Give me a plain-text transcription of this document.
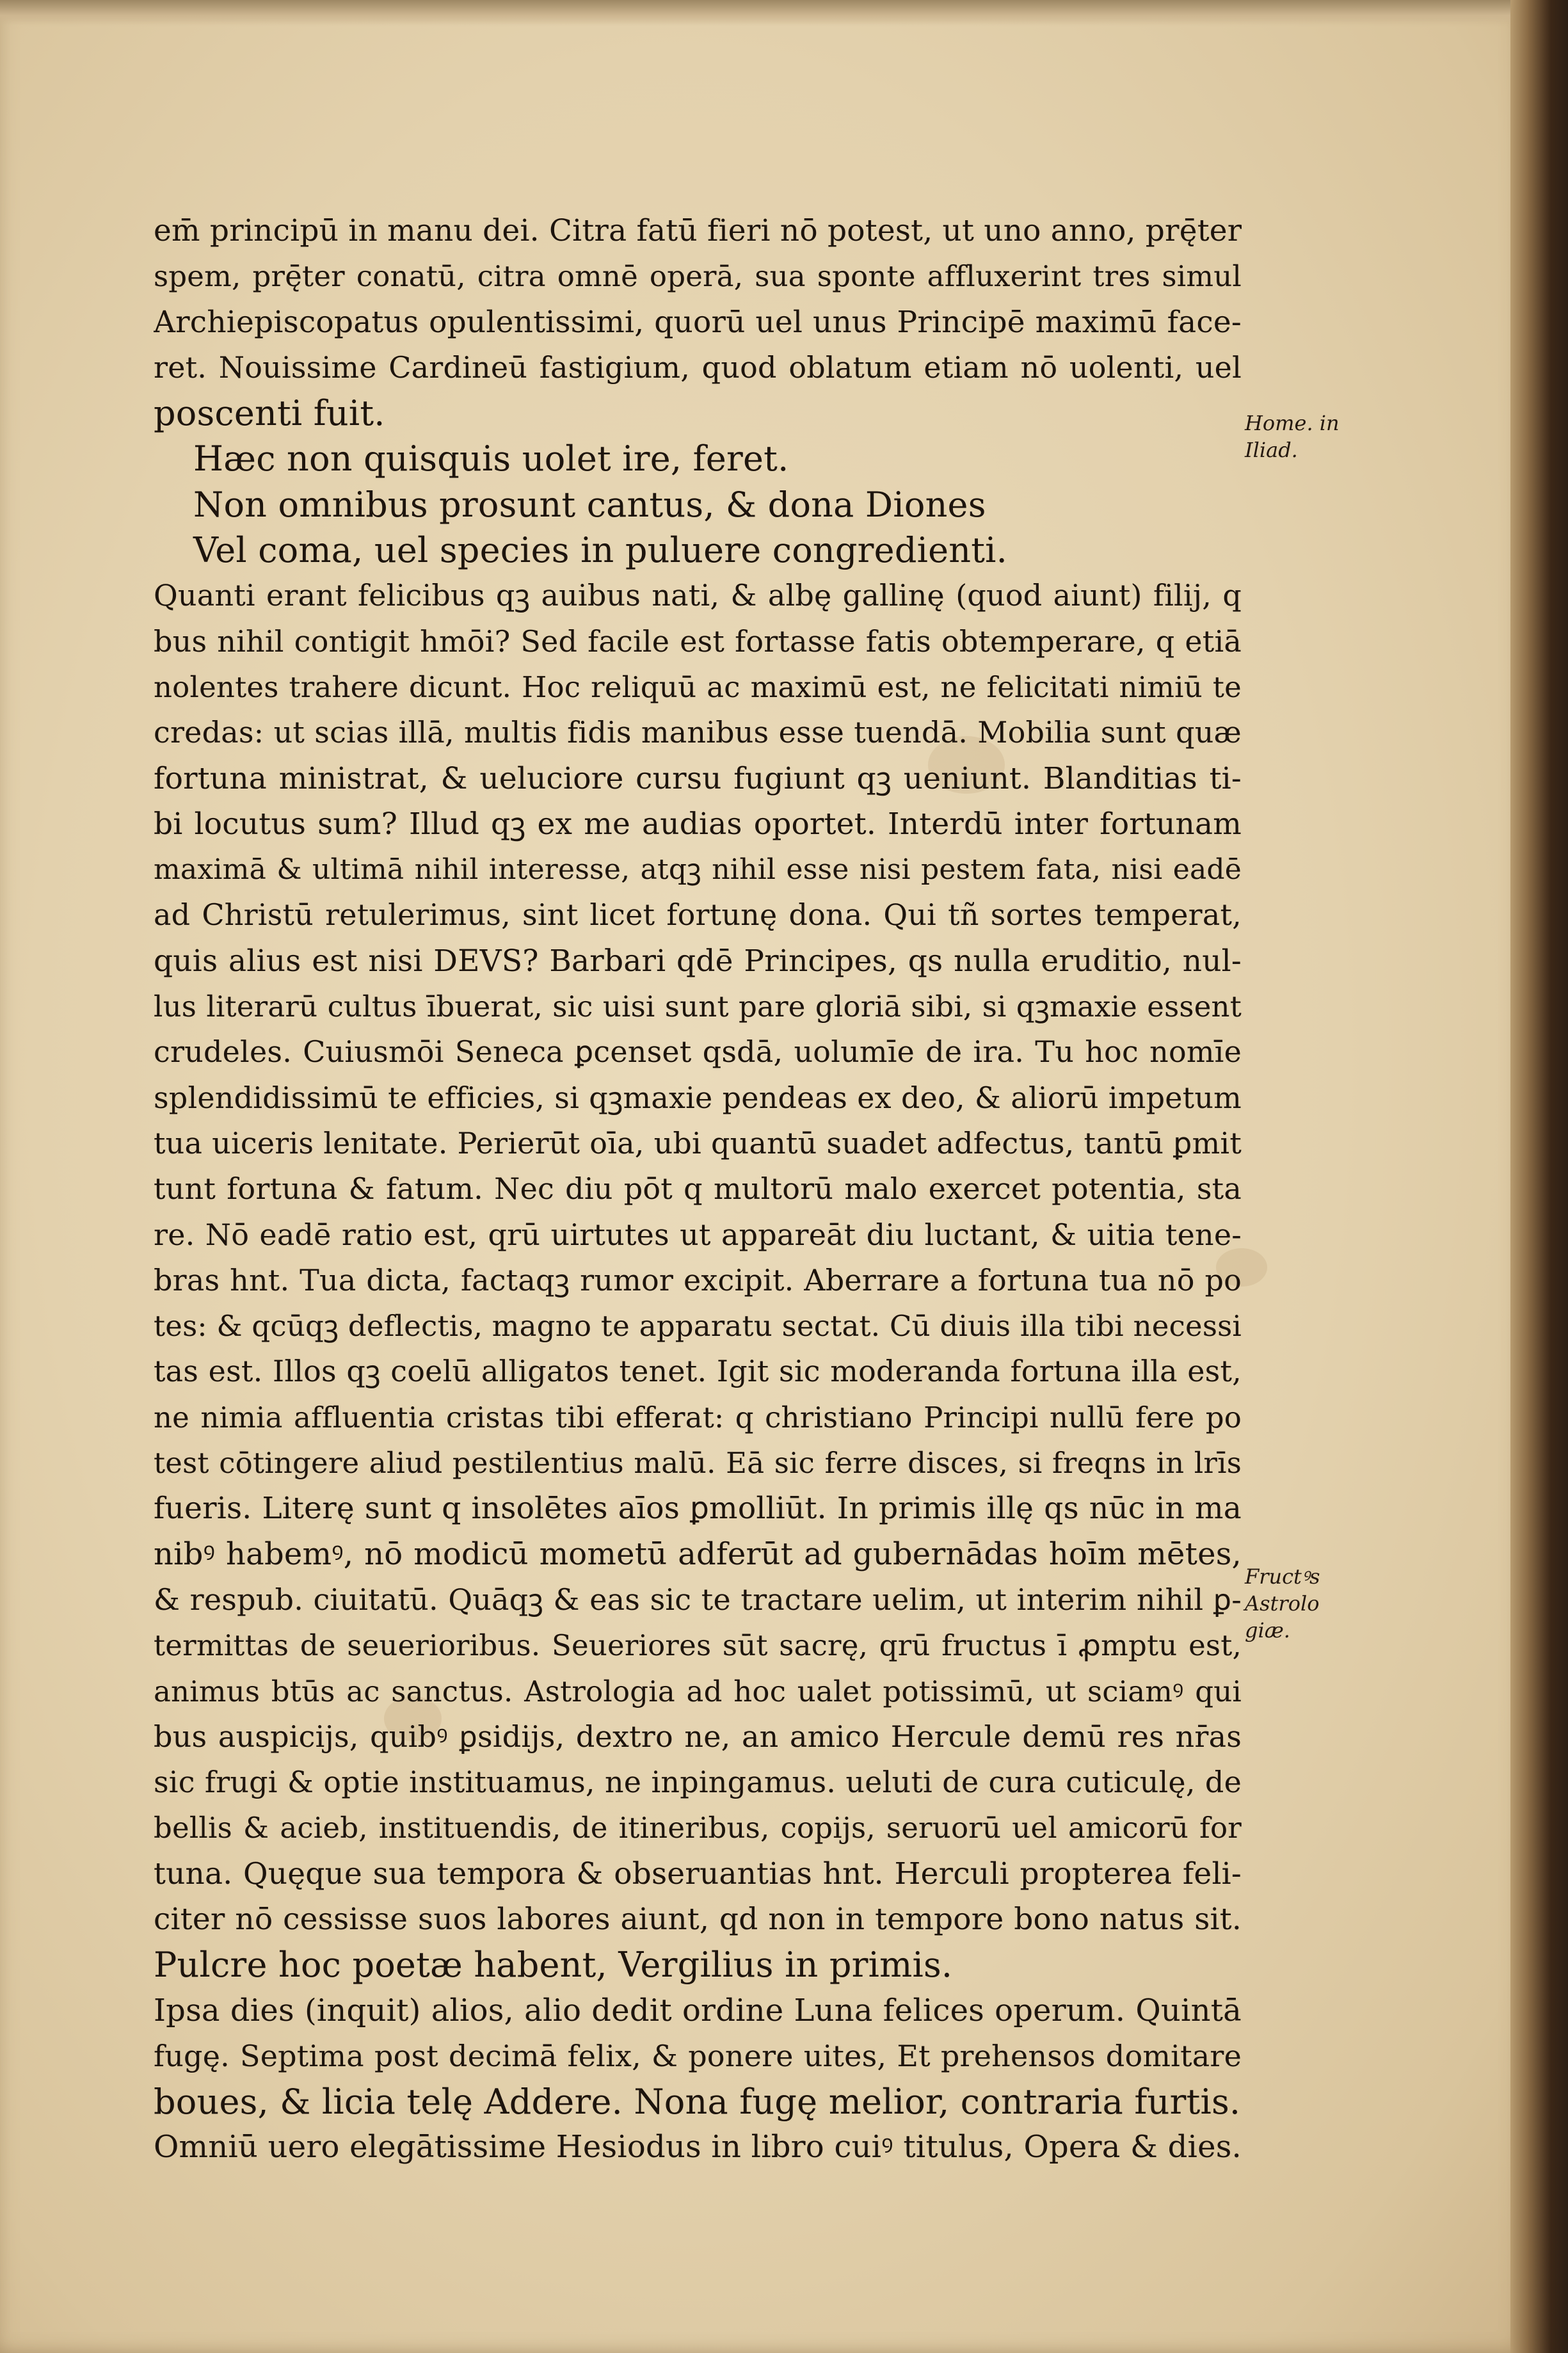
em̄ principū in manu dei. Citra fatū fieri nō potest, ut uno anno, prę̄ter
spem, prę̄ter conatū, citra omnē operā, sua sponte affluxerint tres simul
Archiepiscopatus opulentissimi, quorū uel unus Principē maximū face-
ret. Nouissime Cardineū fastigium, quod oblatum etiam nō uolenti, uel
poscenti fuit.
Hæc non quisquis uolet ire, feret.
Non omnibus prosunt cantus, & dona Diones
Vel coma, uel species in puluere congredienti.
Quanti erant felicibus qꝫ auibus nati, & albę gallinę (quod aiunt) filij, q
bus nihil contigit hmōi? Sed facile est fortasse fatis obtemperare, q etiā
nolentes trahere dicunt. Hoc reliquū ac maximū est, ne felicitati nimiū te
credas: ut scias illā, multis fidis manibus esse tuendā. Mobilia sunt quæ
fortuna ministrat, & ueluciore cursu fugiunt qꝫ ueniunt. Blanditias ti-
bi locutus sum? Illud qꝫ ex me audias oportet. Interdū inter fortunam
maximā & ultimā nihil interesse, atqꝫ nihil esse nisi pestem fata, nisi eadē
ad Christū retulerimus, sint licet fortunę dona. Qui tñ sortes temperat,
quis alius est nisi DEVS? Barbari qdē Principes, qs nulla eruditio, nul-
lus literarū cultus ībuerat, sic uisi sunt pare gloriā sibi, si qꝫmaxie essent
crudeles. Cuiusmōi Seneca ꝑcenset qsdā, uolumīe de ira. Tu hoc nomīe
splendidissimū te efficies, si qꝫmaxie pendeas ex deo, & aliorū impetum
tua uiceris lenitate. Perierūt oīa, ubi quantū suadet adfectus, tantū ꝑmit
tunt fortuna & fatum. Nec diu pōt q multorū malo exercet potentia, sta
re. Nō eadē ratio est, qrū uirtutes ut appareāt diu luctant, & uitia tene-
bras hnt. Tua dicta, factaqꝫ rumor excipit. Aberrare a fortuna tua nō po
tes: & qcūqꝫ deflectis, magno te apparatu sectat. Cū diuis illa tibi necessi
tas est. Illos qꝫ coelū alligatos tenet. Igit sic moderanda fortuna illa est,
ne nimia affluentia cristas tibi efferat: q christiano Principi nullū fere po
test cōtingere aliud pestilentius malū. Eā sic ferre disces, si freqns in lrīs
fueris. Literę sunt q insolētes aīos ꝑmolliūt. In primis illę qs nūc in ma
nibꝰ habemꝰ, nō modicū mometū adferūt ad gubernādas hoīm mētes,
& respub. ciuitatū. Quāqꝫ & eas sic te tractare uelim, ut interim nihil ꝑ-
termittas de seuerioribus. Seueriores sūt sacrę, qrū fructus ī ꝓmptu est,
animus btūs ac sanctus. Astrologia ad hoc ualet potissimū, ut sciamꝰ qui
bus auspicijs, quibꝰ ꝑsidijs, dextro ne, an amico Hercule demū res nr̄as
sic frugi & optie instituamus, ne inpingamus. ueluti de cura cuticulę, de
bellis & acieb, instituendis, de itineribus, copijs, seruorū uel amicorū for
tuna. Quęque sua tempora & obseruantias hnt. Herculi propterea feli-
citer nō cessisse suos labores aiunt, qd non in tempore bono natus sit.
Pulcre hoc poetæ habent, Vergilius in primis.
Ipsa dies (inquit) alios, alio dedit ordine Luna felices operum. Quintā
fugę. Septima post decimā felix, & ponere uites, Et prehensos domitare
boues, & licia telę Addere. Nona fugę melior, contraria furtis.
Omniū uero elegātissime Hesiodus in libro cuiꝰ titulus, Opera & dies.
Home. in
Iliad.
Fructꝰs
Astrolo
giæ.
